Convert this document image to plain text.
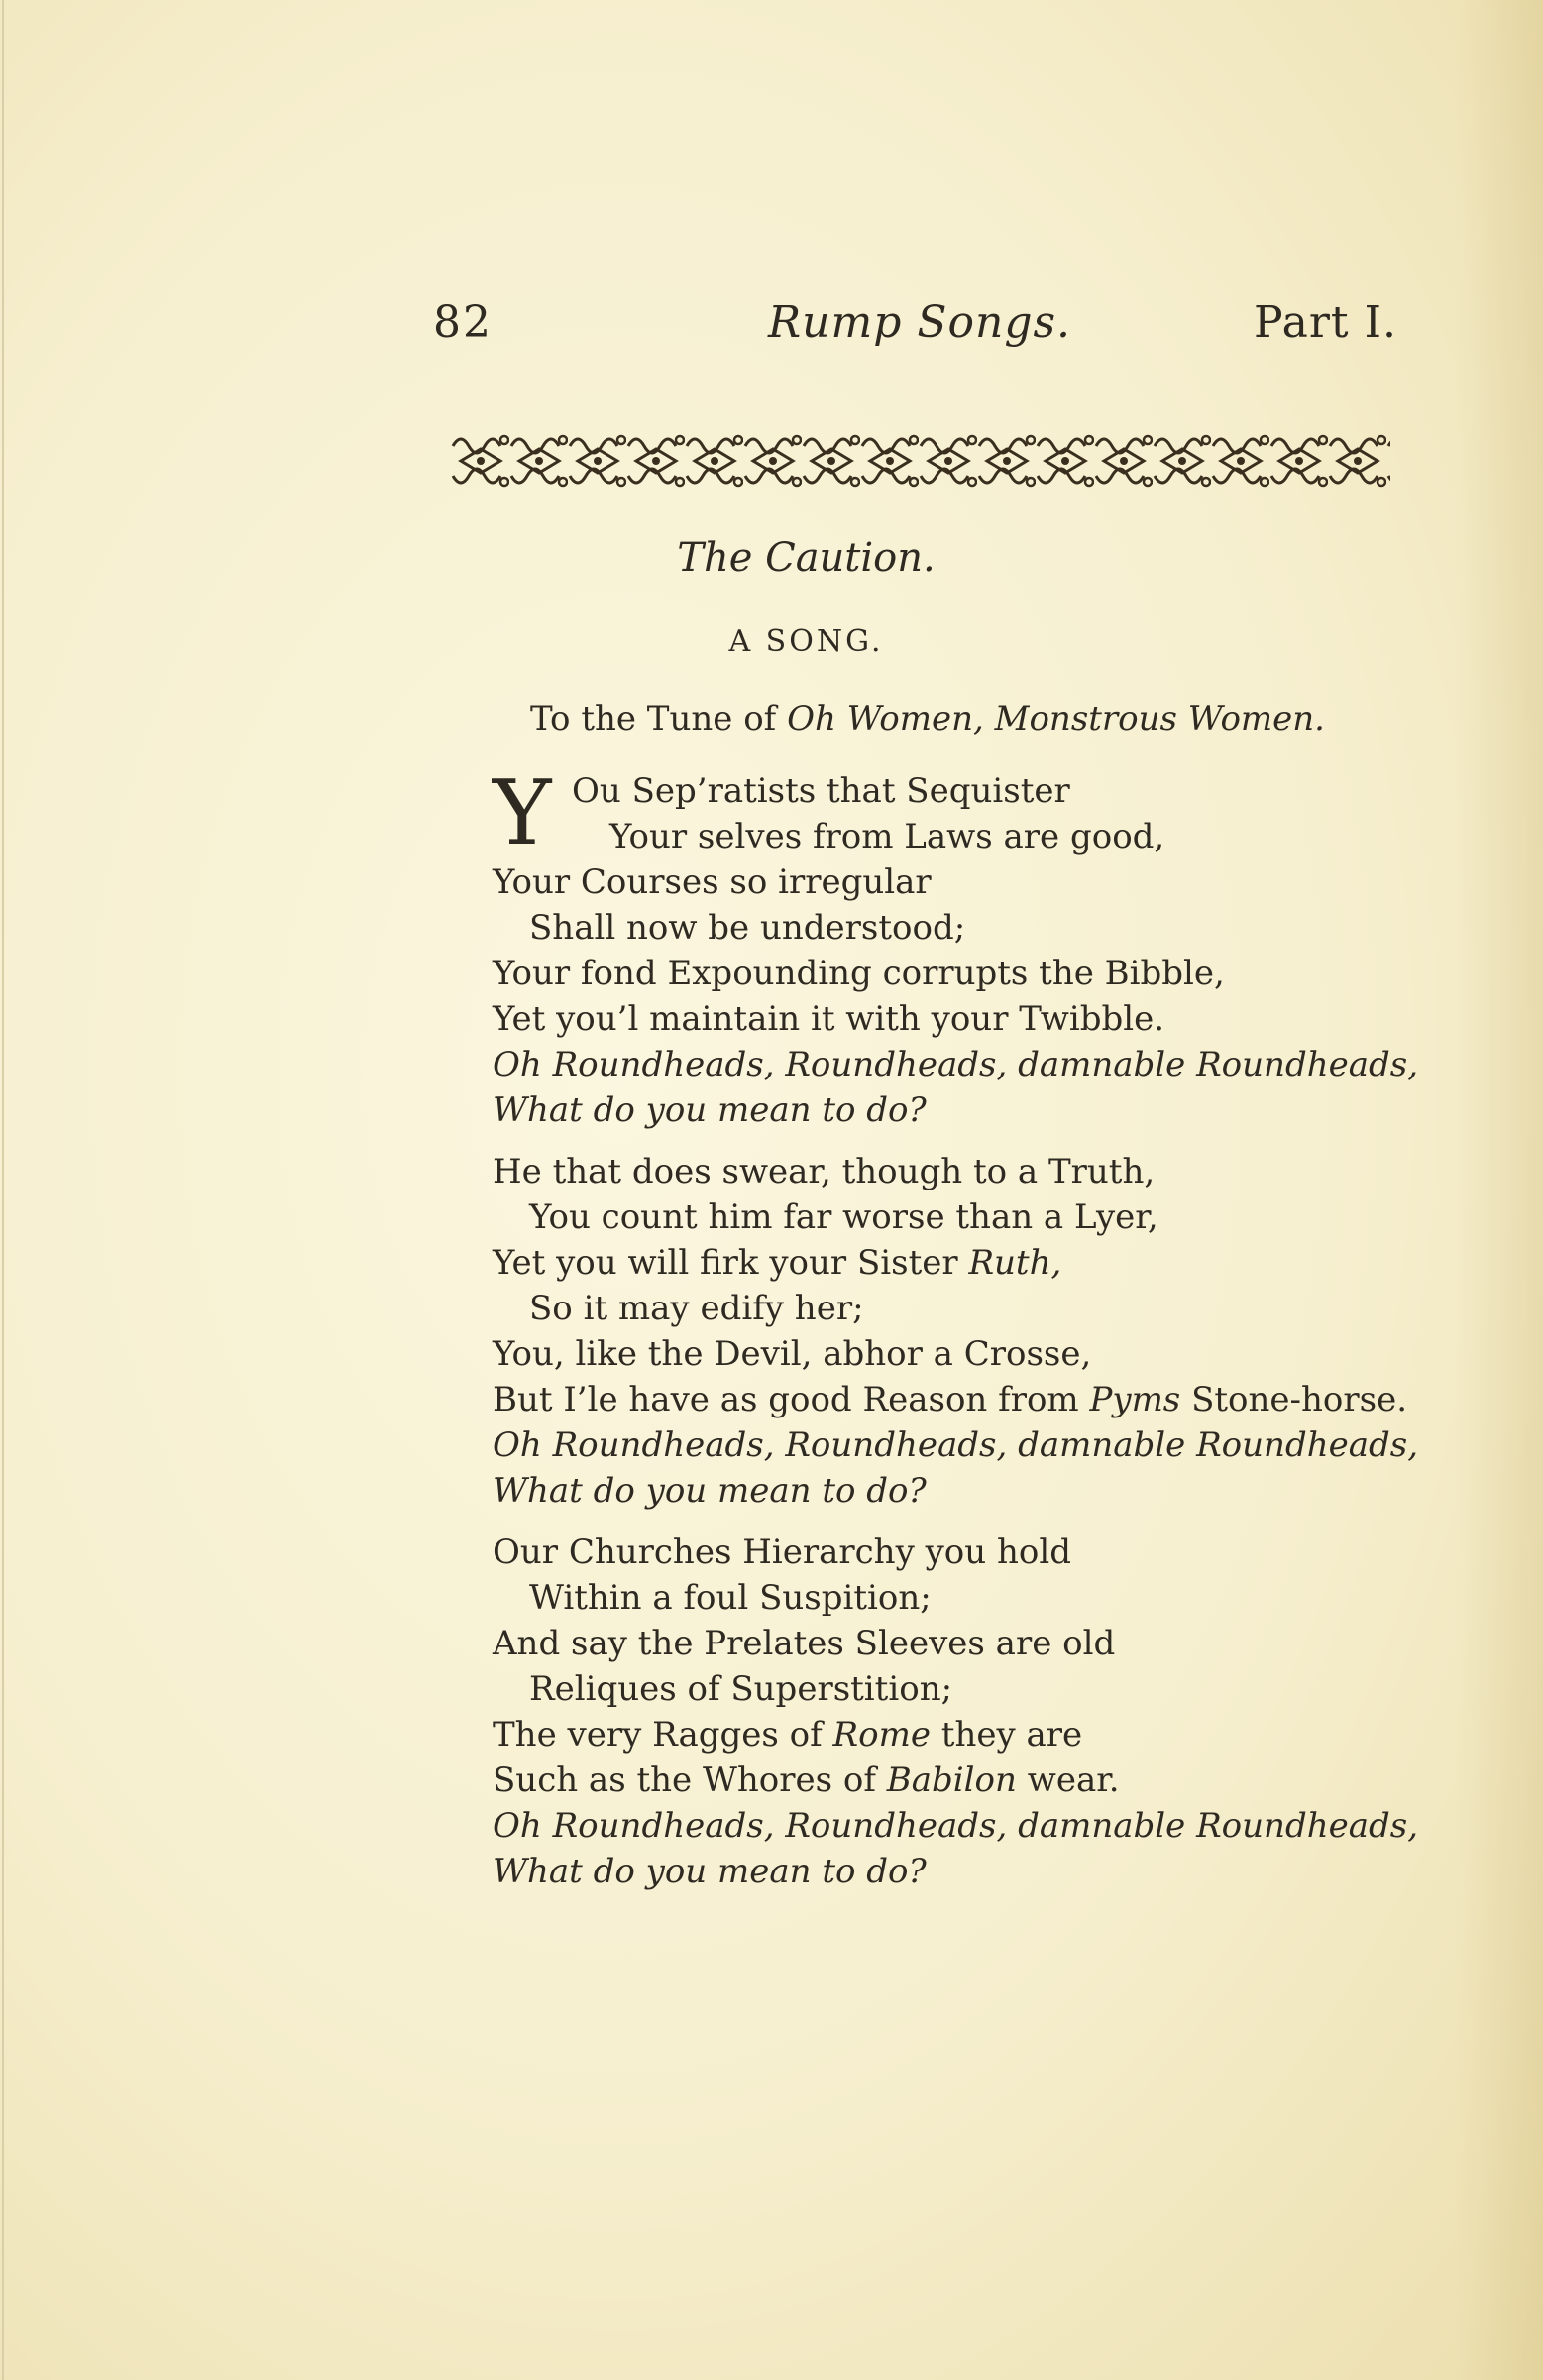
82	Rump Songs.	Part I.
The Caution.
A SONG.
To the Tune of Oh Women, Monstrous Women.
Y Ou Sep’ratists that Sequister
Your selves from Laws are good,
Your Courses so irregular
Shall now be understood;
Your fond Expounding corrupts the Bibble,
Yet you’l maintain it with your Twibble.
Oh Roundheads, Roundheads, damnable Roundheads,
What do you mean to do?
He that does swear, though to a Truth,
You count him far worse than a Lyer,
Yet you will firk your Sister Ruth,
So it may edify her;
You, like the Devil, abhor a Crosse,
But I’le have as good Reason from Pyms Stone-horse.
Oh Roundheads, Roundheads, damnable Roundheads,
What do you mean to do?
Our Churches Hierarchy you hold
Within a foul Suspition;
And say the Prelates Sleeves are old
Reliques of Superstition;
The very Ragges of Rome they are
Such as the Whores of Babilon wear.
Oh Roundheads, Roundheads, damnable Roundheads,
What do you mean to do?
